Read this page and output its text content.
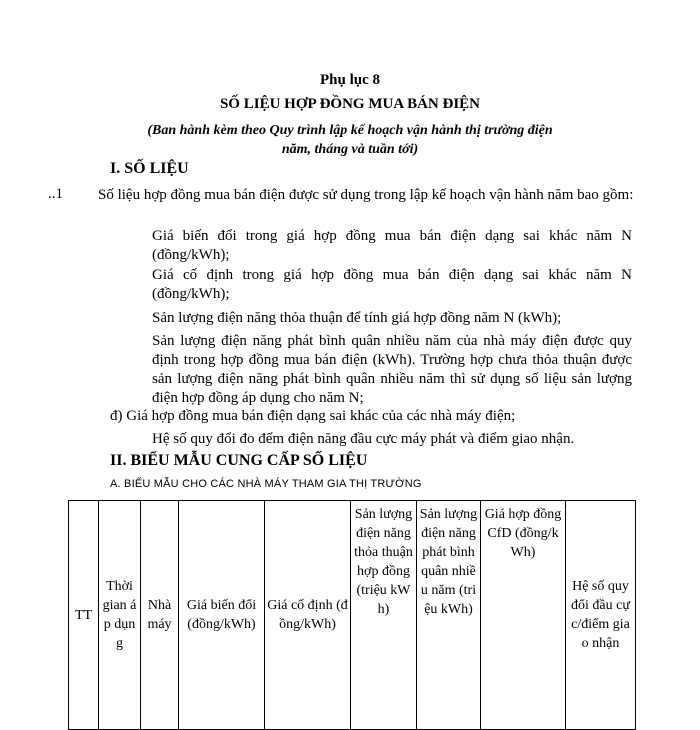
Phụ lục 8
SỐ LIỆU HỢP ĐỒNG MUA BÁN ĐIỆN
(Ban hành kèm theo Quy trình lập kế hoạch vận hành thị trường điện
năm, tháng và tuần tới)
I. SỐ LIỆU
..1 Số liệu hợp đồng mua bán điện được sử dụng trong lập kế hoạch vận hành năm bao gồm:
Giá biến đổi trong giá hợp đồng mua bán điện dạng sai khác năm N (đồng/kWh);
Giá cố định trong giá hợp đồng mua bán điện dạng sai khác năm N (đồng/kWh);
Sản lượng điện năng thỏa thuận để tính giá hợp đồng năm N (kWh);
Sản lượng điện năng phát bình quân nhiều năm của nhà máy điện được quy định trong hợp đồng mua bán điện (kWh). Trường hợp chưa thỏa thuận được sản lượng điện năng phát bình quân nhiều năm thì sử dụng số liệu sản lượng điện hợp đồng áp dụng cho năm N;
đ) Giá hợp đồng mua bán điện dạng sai khác của các nhà máy điện;
Hệ số quy đổi đo đếm điện năng đầu cực máy phát và điểm giao nhận.
II. BIỂU MẪU CUNG CẤP SỐ LIỆU
A. BIỂU MẪU CHO CÁC NHÀ MÁY THAM GIA THỊ TRƯỜNG
TT	Thời gian áp dụng	Nhà máy	Giá biến đổi (đồng/kWh)	Giá cố định (đồng/kWh)	Sản lượng điện năng thỏa thuận hợp đồng (triệu kWh)	Sản lượng điện năng phát bình quân nhiều năm (triệu kWh)	Giá hợp đồng CfD (đồng/kWh)	Hệ số quy đổi đầu cực/điểm giao nhận
